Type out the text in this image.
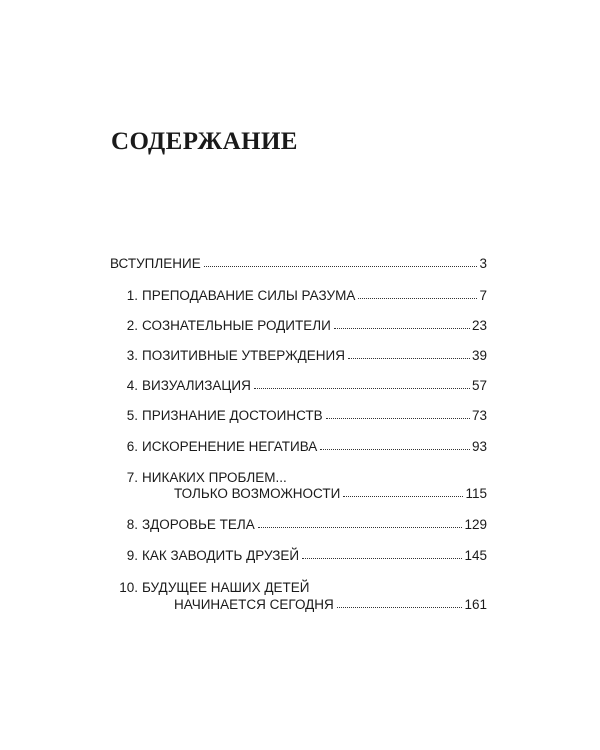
СОДЕРЖАНИЕ
ВСТУПЛЕНИЕ	3
1. ПРЕПОДАВАНИЕ СИЛЫ РАЗУМА	7
2. СОЗНАТЕЛЬНЫЕ РОДИТЕЛИ	23
3. ПОЗИТИВНЫЕ УТВЕРЖДЕНИЯ	39
4. ВИЗУАЛИЗАЦИЯ	57
5. ПРИЗНАНИЕ ДОСТОИНСТВ	73
6. ИСКОРЕНЕНИЕ НЕГАТИВА	93
7. НИКАКИХ ПРОБЛЕМ...
ТОЛЬКО ВОЗМОЖНОСТИ	115
8. ЗДОРОВЬЕ ТЕЛА	129
9. КАК ЗАВОДИТЬ ДРУЗЕЙ	145
10. БУДУЩЕЕ НАШИХ ДЕТЕЙ
НАЧИНАЕТСЯ СЕГОДНЯ	161
